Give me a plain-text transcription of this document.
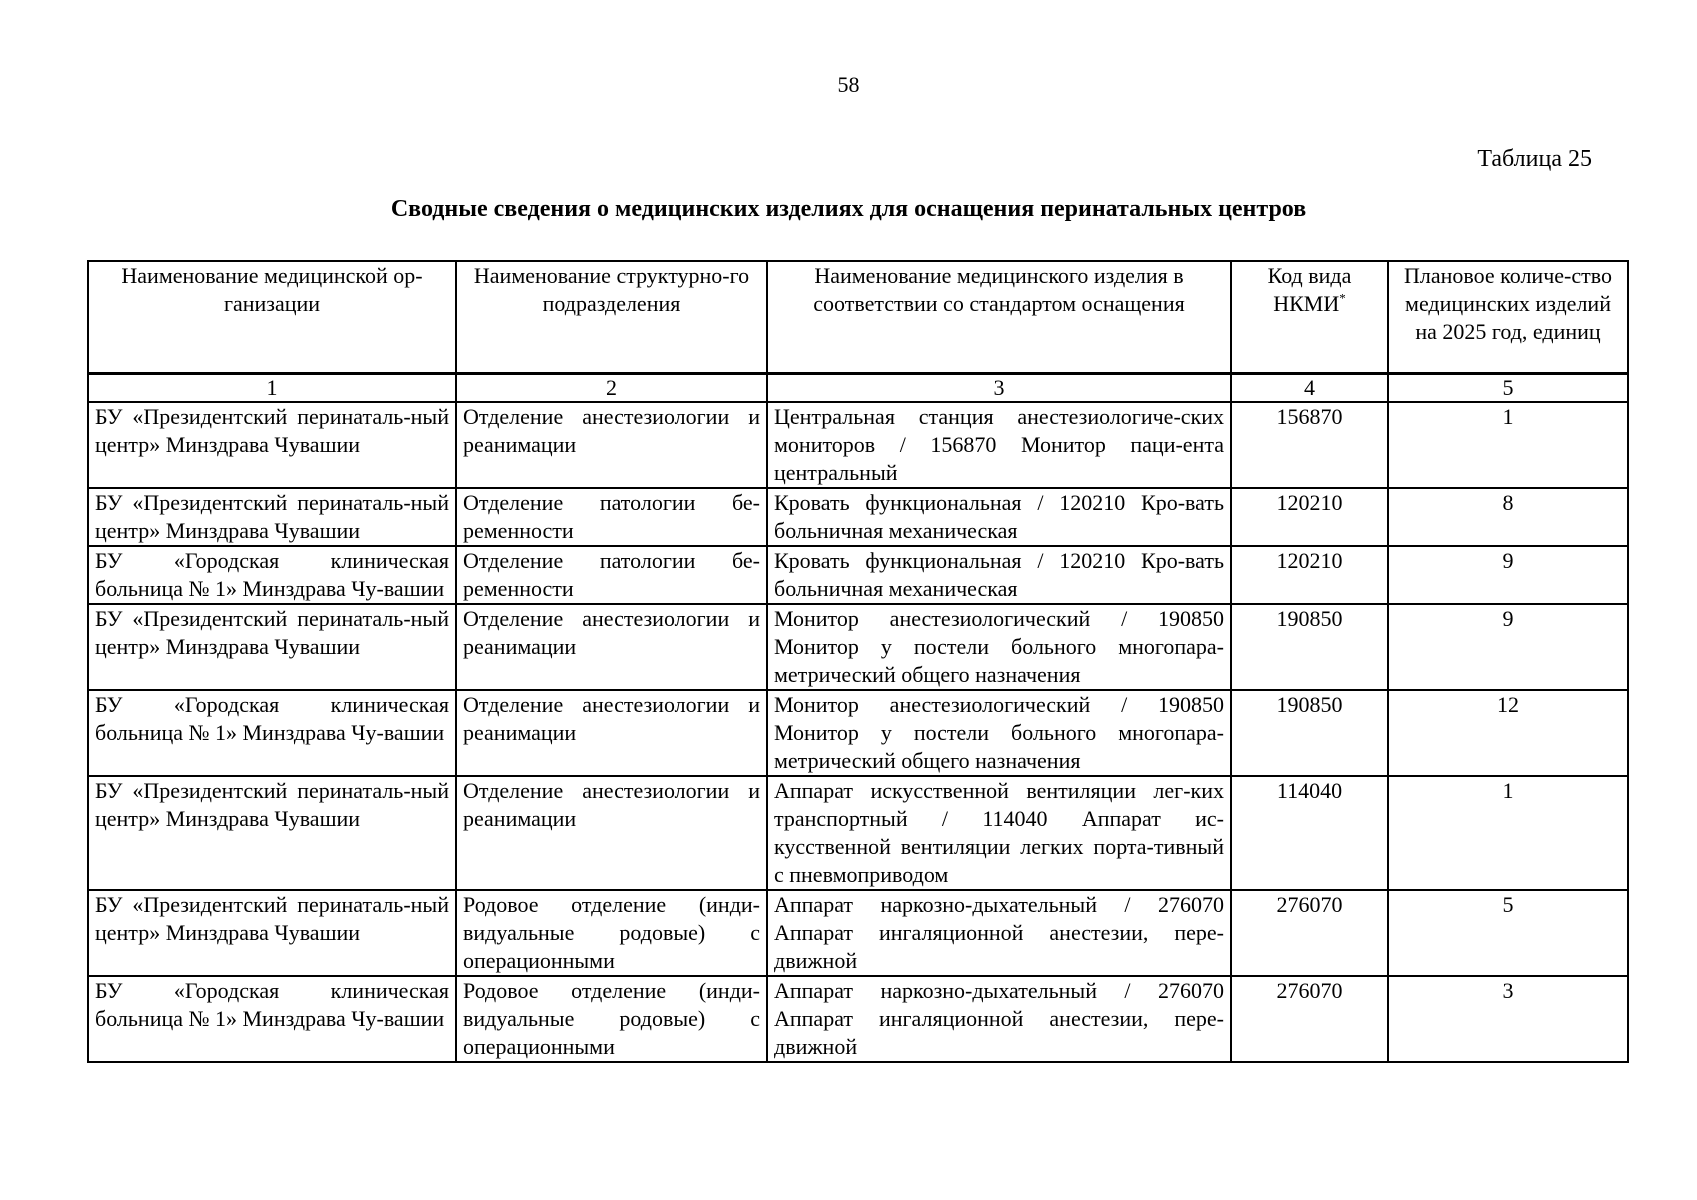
58
Таблица 25
Сводные сведения о медицинских изделиях для оснащения перинатальных центров
Наименование медицинской ор-ганизации	Наименование структурно-го подразделения	Наименование медицинского изделия в соответствии со стандартом оснащения	Код вида НКМИ*	Плановое количе-ство медицинских изделий на 2025 год, единиц
1	2	3	4	5
БУ «Президентский перинаталь-ный центр» Минздрава Чувашии	Отделение анестезиологии и реанимации	Центральная станция анестезиологиче-ских мониторов / 156870 Монитор паци-ента центральный	156870	1
БУ «Президентский перинаталь-ный центр» Минздрава Чувашии	Отделение патологии бе-ременности	Кровать функциональная / 120210 Кро-вать больничная механическая	120210	8
БУ «Городская клиническая больница № 1» Минздрава Чу-вашии	Отделение патологии бе-ременности	Кровать функциональная / 120210 Кро-вать больничная механическая	120210	9
БУ «Президентский перинаталь-ный центр» Минздрава Чувашии	Отделение анестезиологии и реанимации	Монитор анестезиологический / 190850 Монитор у постели больного многопара-метрический общего назначения	190850	9
БУ «Городская клиническая больница № 1» Минздрава Чу-вашии	Отделение анестезиологии и реанимации	Монитор анестезиологический / 190850 Монитор у постели больного многопара-метрический общего назначения	190850	12
БУ «Президентский перинаталь-ный центр» Минздрава Чувашии	Отделение анестезиологии и реанимации	Аппарат искусственной вентиляции лег-ких транспортный / 114040 Аппарат ис-кусственной вентиляции легких порта-тивный с пневмоприводом	114040	1
БУ «Президентский перинаталь-ный центр» Минздрава Чувашии	Родовое отделение (инди-видуальные родовые) с операционными	Аппарат наркозно-дыхательный / 276070 Аппарат ингаляционной анестезии, пере-движной	276070	5
БУ «Городская клиническая больница № 1» Минздрава Чу-вашии	Родовое отделение (инди-видуальные родовые) с операционными	Аппарат наркозно-дыхательный / 276070 Аппарат ингаляционной анестезии, пере-движной	276070	3
